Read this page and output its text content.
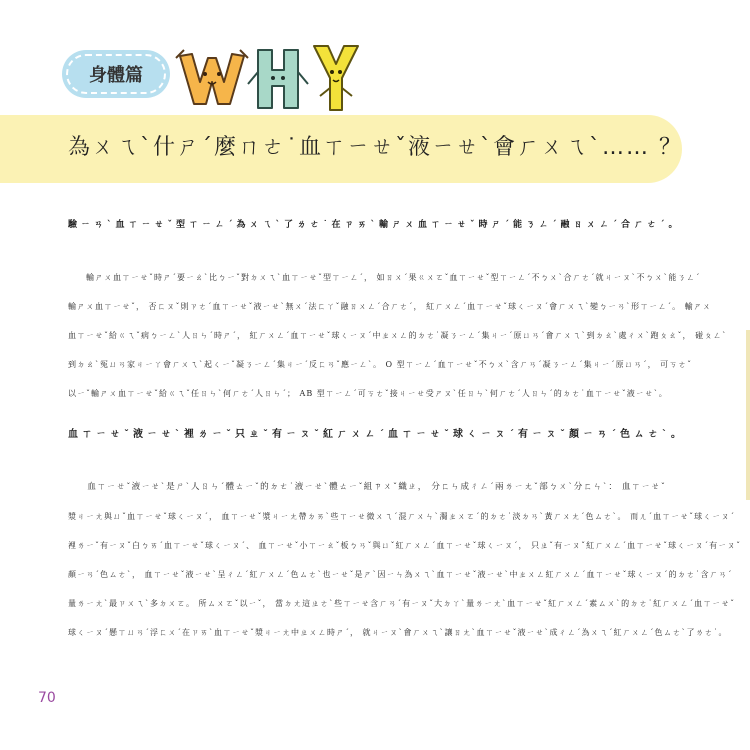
身體篇
為ㄨㄟˋ什ㄕˊ麼ㄇㄜ˙血ㄒㄧㄝˇ液ㄧㄝˋ會ㄏㄨㄟˋ…… ？
驗ㄧㄢˋ血ㄒㄧㄝˇ型ㄒㄧㄥˊ為ㄨㄟˋ了ㄌㄜ˙在ㄗㄞˋ輸ㄕㄨ血ㄒㄧㄝˇ時ㄕˊ能ㄋㄥˊ融ㄖㄨㄥˊ合ㄏㄜˊ。
　　輸ㄕㄨ血ㄒㄧㄝˇ時ㄕˊ要ㄧㄠˋ比ㄅㄧˇ對ㄉㄨㄟˋ血ㄒㄧㄝˇ型ㄒㄧㄥˊ， 如ㄖㄨˊ果ㄍㄨㄛˇ血ㄒㄧㄝˇ型ㄒㄧㄥˊ不ㄅㄨˋ合ㄏㄜˊ就ㄐㄧㄡˋ不ㄅㄨˋ能ㄋㄥˊ
輸ㄕㄨ血ㄒㄧㄝˇ， 否ㄈㄡˇ則ㄗㄜˊ血ㄒㄧㄝˇ液ㄧㄝˋ無ㄨˊ法ㄈㄚˇ融ㄖㄨㄥˊ合ㄏㄜˊ， 紅ㄏㄨㄥˊ血ㄒㄧㄝˇ球ㄑㄧㄡˊ會ㄏㄨㄟˋ變ㄅㄧㄢˋ形ㄒㄧㄥˊ。 輸ㄕㄨ
血ㄒㄧㄝˇ給ㄍㄟˇ病ㄅㄧㄥˋ人ㄖㄣˊ時ㄕˊ， 紅ㄏㄨㄥˊ血ㄒㄧㄝˇ球ㄑㄧㄡˊ中ㄓㄨㄥ的ㄉㄜ˙凝ㄋㄧㄥˊ集ㄐㄧˊ原ㄩㄢˊ會ㄏㄨㄟˋ到ㄉㄠˋ處ㄔㄨˋ跑ㄆㄠˇ， 碰ㄆㄥˋ
到ㄉㄠˋ冤ㄩㄢ家ㄐㄧㄚ會ㄏㄨㄟˋ起ㄑㄧˇ凝ㄋㄧㄥˊ集ㄐㄧˊ反ㄈㄢˇ應ㄧㄥˋ。 O 型ㄒㄧㄥˊ血ㄒㄧㄝˇ不ㄅㄨˋ含ㄏㄢˊ凝ㄋㄧㄥˊ集ㄐㄧˊ原ㄩㄢˊ， 可ㄎㄜˇ
以ㄧˇ輸ㄕㄨ血ㄒㄧㄝˇ給ㄍㄟˇ任ㄖㄣˋ何ㄏㄜˊ人ㄖㄣˊ； AB 型ㄒㄧㄥˊ可ㄎㄜˇ接ㄐㄧㄝ受ㄕㄡˋ任ㄖㄣˋ何ㄏㄜˊ人ㄖㄣˊ的ㄉㄜ˙血ㄒㄧㄝˇ液ㄧㄝˋ。
血ㄒㄧㄝˇ液ㄧㄝˋ裡ㄌㄧˇ只ㄓˇ有ㄧㄡˇ紅ㄏㄨㄥˊ血ㄒㄧㄝˇ球ㄑㄧㄡˊ有ㄧㄡˇ顏ㄧㄢˊ色ㄙㄜˋ。
　　血ㄒㄧㄝˇ液ㄧㄝˋ是ㄕˋ人ㄖㄣˊ體ㄊㄧˇ的ㄉㄜ˙液ㄧㄝˋ體ㄊㄧˇ組ㄗㄨˇ織ㄓ， 分ㄈㄣ成ㄔㄥˊ兩ㄌㄧㄤˇ部ㄅㄨˋ分ㄈㄣˋ： 血ㄒㄧㄝˇ
漿ㄐㄧㄤ與ㄩˇ血ㄒㄧㄝˇ球ㄑㄧㄡˊ， 血ㄒㄧㄝˇ漿ㄐㄧㄤ帶ㄉㄞˋ些ㄒㄧㄝ微ㄨㄟˊ混ㄏㄨㄣˋ濁ㄓㄨㄛˊ的ㄉㄜ˙淡ㄉㄢˋ黃ㄏㄨㄤˊ色ㄙㄜˋ。 而ㄦˊ血ㄒㄧㄝˇ球ㄑㄧㄡˊ
裡ㄌㄧˇ有ㄧㄡˇ白ㄅㄞˊ血ㄒㄧㄝˇ球ㄑㄧㄡˊ、 血ㄒㄧㄝˇ小ㄒㄧㄠˇ板ㄅㄢˇ與ㄩˇ紅ㄏㄨㄥˊ血ㄒㄧㄝˇ球ㄑㄧㄡˊ， 只ㄓˇ有ㄧㄡˇ紅ㄏㄨㄥˊ血ㄒㄧㄝˇ球ㄑㄧㄡˊ有ㄧㄡˇ
顏ㄧㄢˊ色ㄙㄜˋ， 血ㄒㄧㄝˇ液ㄧㄝˋ呈ㄔㄥˊ紅ㄏㄨㄥˊ色ㄙㄜˋ也ㄧㄝˇ是ㄕˋ因ㄧㄣ為ㄨㄟˋ血ㄒㄧㄝˇ液ㄧㄝˋ中ㄓㄨㄥ紅ㄏㄨㄥˊ血ㄒㄧㄝˇ球ㄑㄧㄡˊ的ㄉㄜ˙含ㄏㄢˊ
量ㄌㄧㄤˋ最ㄗㄨㄟˋ多ㄉㄨㄛ。 所ㄙㄨㄛˇ以ㄧˇ， 當ㄉㄤ這ㄓㄜˋ些ㄒㄧㄝ含ㄏㄢˊ有ㄧㄡˇ大ㄉㄚˋ量ㄌㄧㄤˋ血ㄒㄧㄝˇ紅ㄏㄨㄥˊ素ㄙㄨˋ的ㄉㄜ˙紅ㄏㄨㄥˊ血ㄒㄧㄝˇ
球ㄑㄧㄡˊ懸ㄒㄩㄢˊ浮ㄈㄨˊ在ㄗㄞˋ血ㄒㄧㄝˇ漿ㄐㄧㄤ中ㄓㄨㄥ時ㄕˊ， 就ㄐㄧㄡˋ會ㄏㄨㄟˋ讓ㄖㄤˋ血ㄒㄧㄝˇ液ㄧㄝˋ成ㄔㄥˊ為ㄨㄟˊ紅ㄏㄨㄥˊ色ㄙㄜˋ了ㄌㄜ˙。
70
